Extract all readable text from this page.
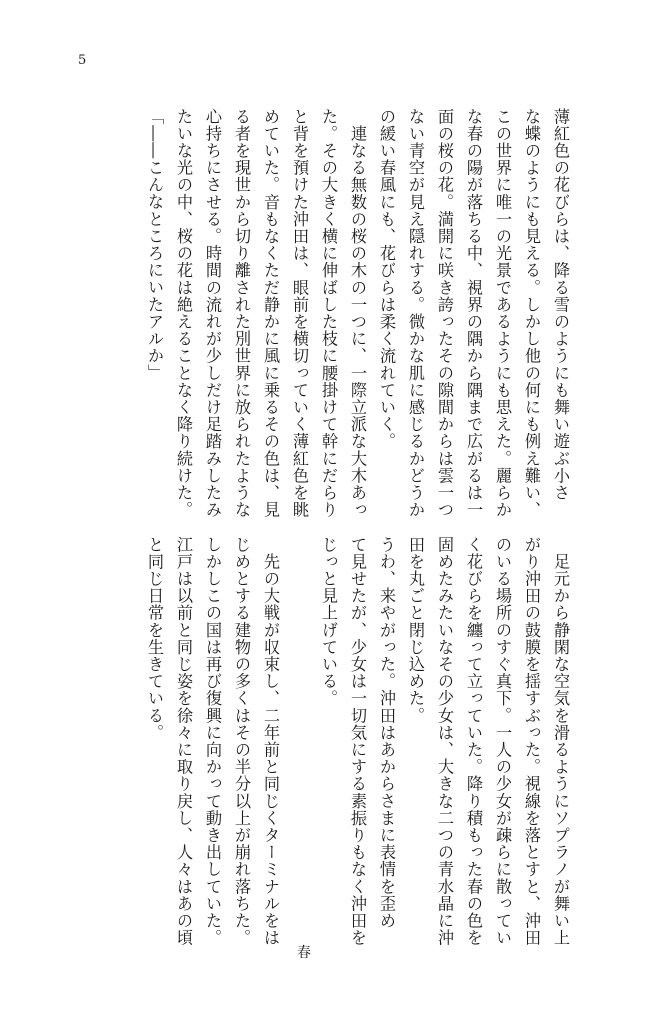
5
薄紅色の花びらは、降る雪のようにも舞い遊ぶ小さ
な蝶のようにも見える。しかし他の何にも例え難い、
この世界に唯一の光景であるようにも思えた。麗らか
な春の陽が落ちる中、視界の隅から隅まで広がるは一
面の桜の花。満開に咲き誇ったその隙間からは雲一つ
ない青空が見え隠れする。微かな肌に感じるかどうか
の緩い春風にも、花びらは柔く流れていく。
　連なる無数の桜の木の一つに、一際立派な大木あっ
た。その大きく横に伸ばした枝に腰掛けて幹にだらり
と背を預けた沖田は、眼前を横切っていく薄紅色を眺
めていた。音もなくただ静かに風に乗るその色は、見
る者を現世から切り離された別世界に放られたような
心持ちにさせる。時間の流れが少しだけ足踏みしたみ
たいな光の中、桜の花は絶えることなく降り続けた。
「――こんなところにいたアルか」
　足元から静閑な空気を滑るようにソプラノが舞い上
がり沖田の鼓膜を揺すぶった。視線を落とすと、沖田
のいる場所のすぐ真下。一人の少女が疎らに散ってい
く花びらを纏って立っていた。降り積もった春の色を
固めたみたいなその少女は、大きな二つの青水晶に沖
田を丸ごと閉じ込めた。
うわ、来やがった。沖田はあからさまに表情を歪め
て見せたが、少女は一切気にする素振りもなく沖田を
じっと見上げている。
　先の大戦が収束し、二年前と同じくターミナルをは
じめとする建物の多くはその半分以上が崩れ落ちた。
しかしこの国は再び復興に向かって動き出していた。
江戸は以前と同じ姿を徐々に取り戻し、人々はあの頃
と同じ日常を生きている。
春
